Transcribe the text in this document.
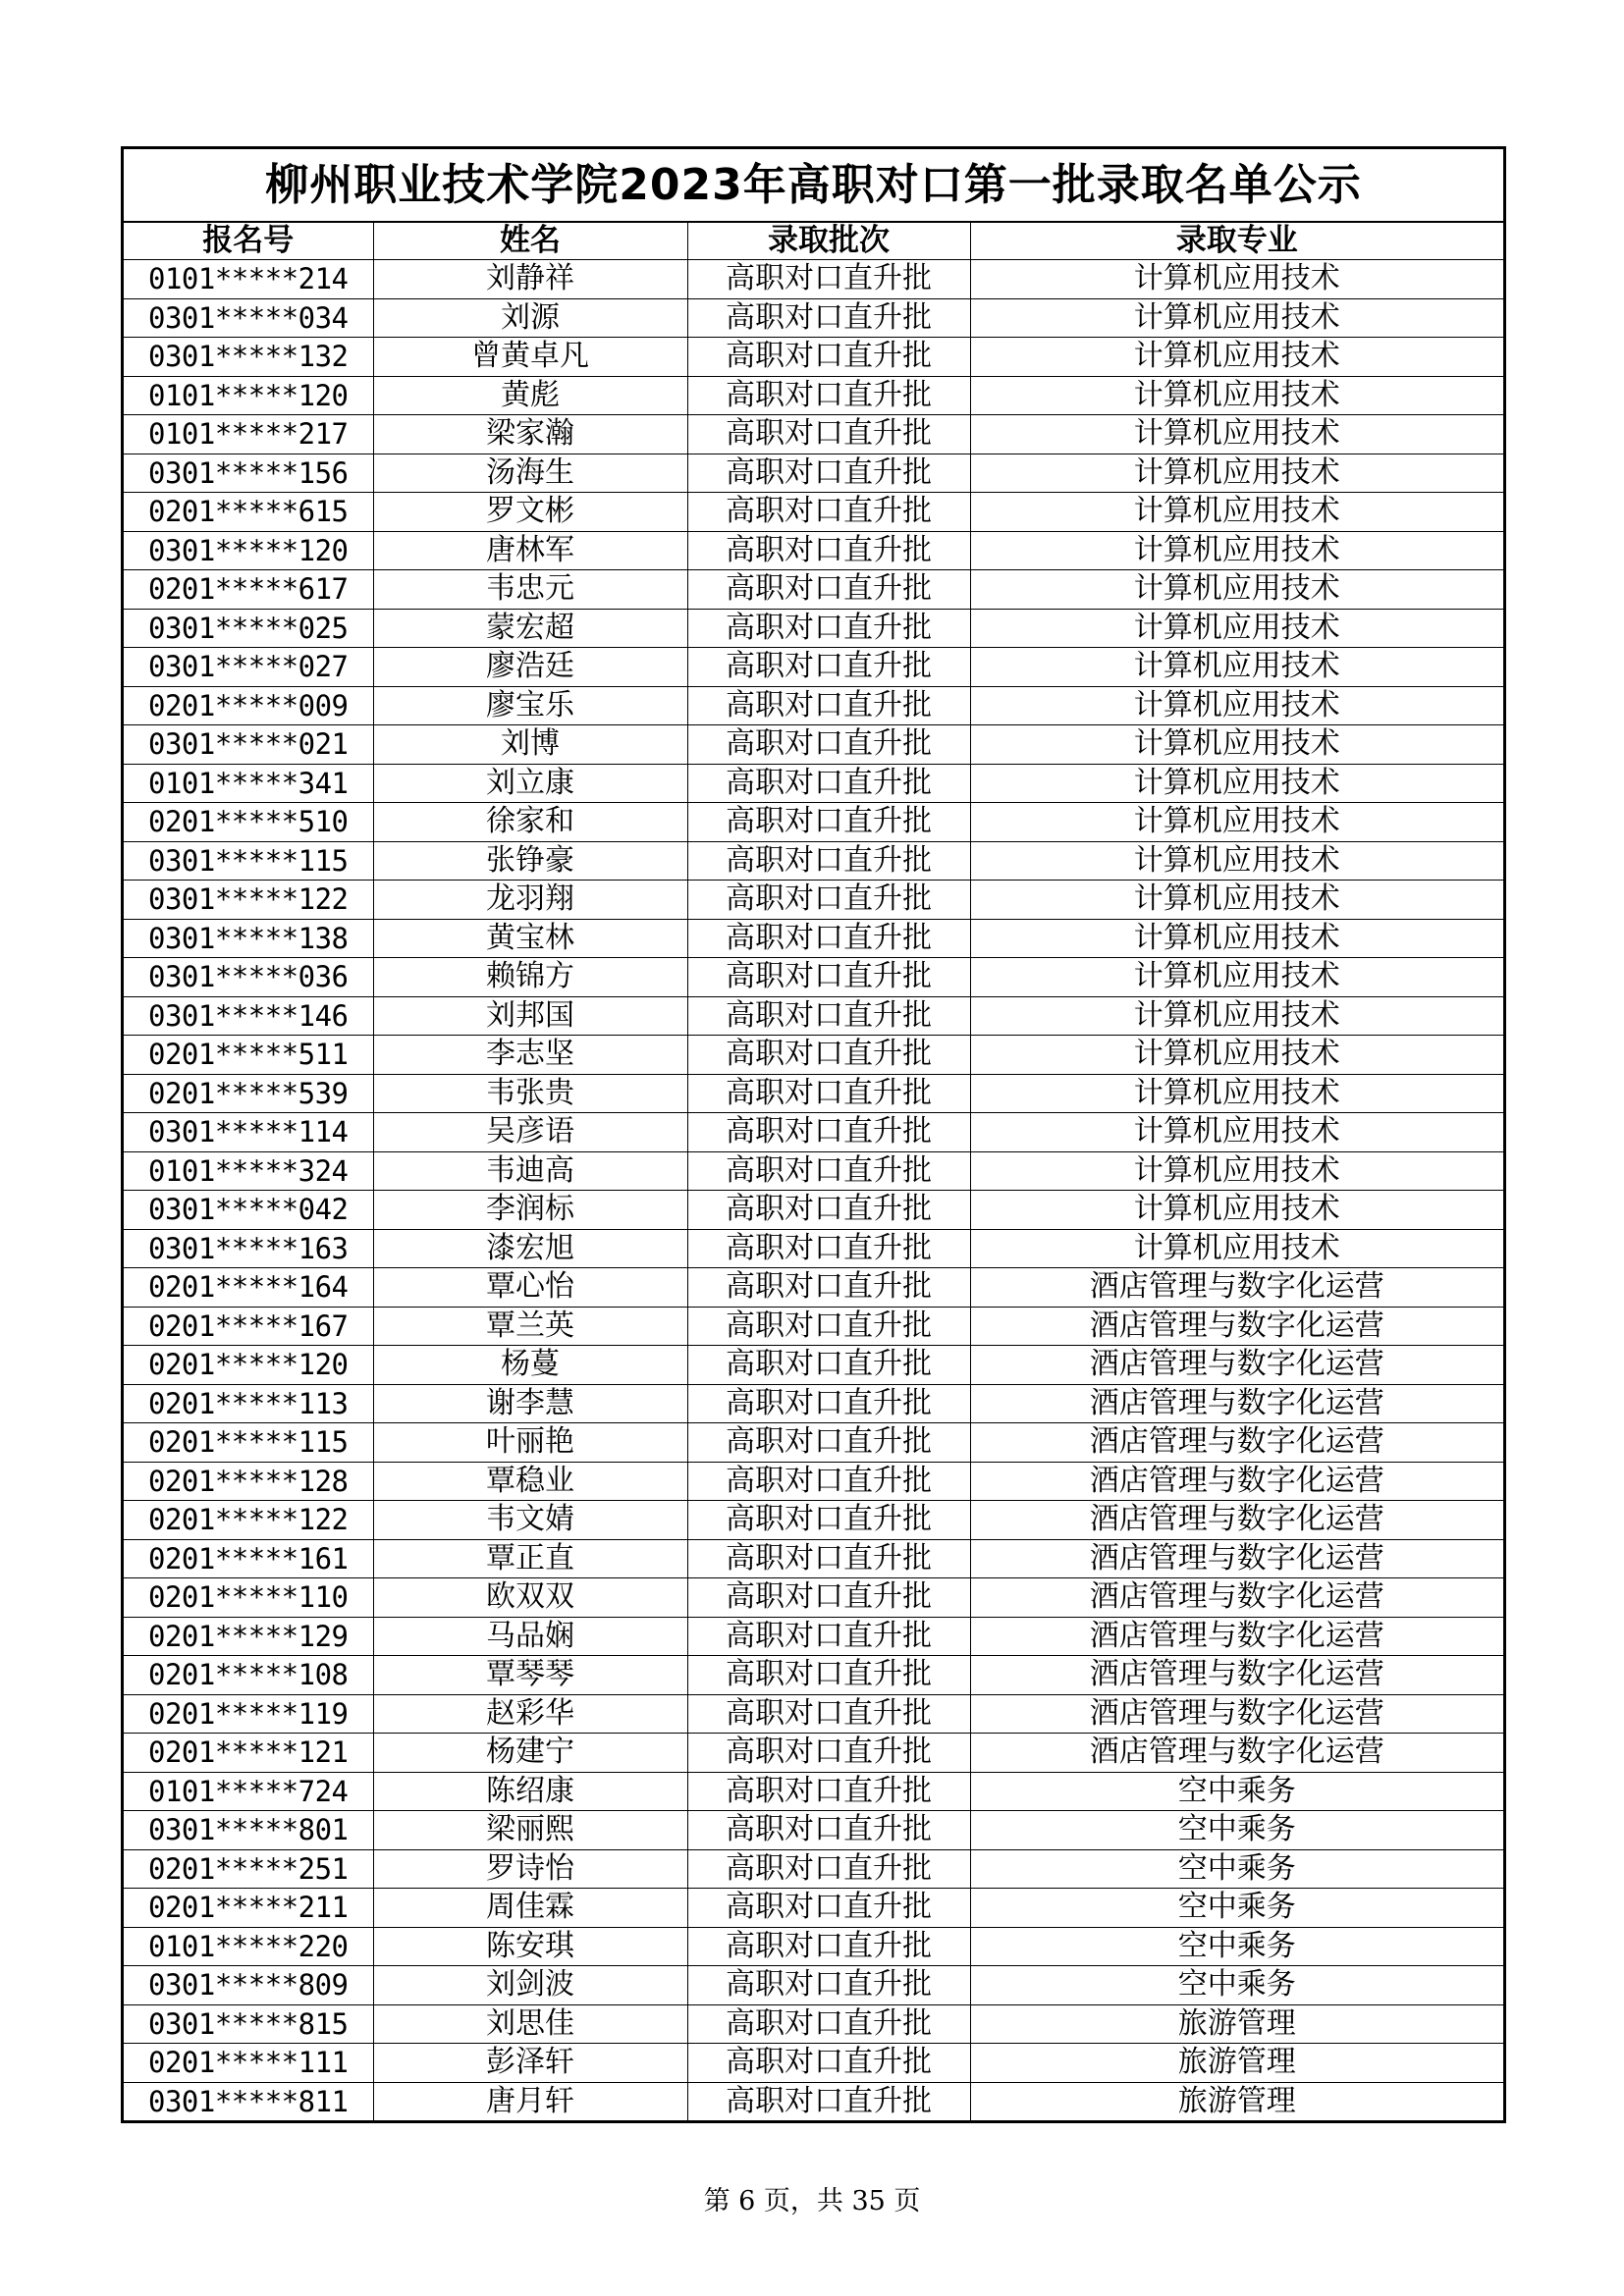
柳州职业技术学院2023年高职对口第一批录取名单公示
报名号	姓名	录取批次	录取专业
0101*****214	刘静祥	高职对口直升批	计算机应用技术
0301*****034	刘源	高职对口直升批	计算机应用技术
0301*****132	曾黄卓凡	高职对口直升批	计算机应用技术
0101*****120	黄彪	高职对口直升批	计算机应用技术
0101*****217	梁家瀚	高职对口直升批	计算机应用技术
0301*****156	汤海生	高职对口直升批	计算机应用技术
0201*****615	罗文彬	高职对口直升批	计算机应用技术
0301*****120	唐林军	高职对口直升批	计算机应用技术
0201*****617	韦忠元	高职对口直升批	计算机应用技术
0301*****025	蒙宏超	高职对口直升批	计算机应用技术
0301*****027	廖浩廷	高职对口直升批	计算机应用技术
0201*****009	廖宝乐	高职对口直升批	计算机应用技术
0301*****021	刘博	高职对口直升批	计算机应用技术
0101*****341	刘立康	高职对口直升批	计算机应用技术
0201*****510	徐家和	高职对口直升批	计算机应用技术
0301*****115	张铮豪	高职对口直升批	计算机应用技术
0301*****122	龙羽翔	高职对口直升批	计算机应用技术
0301*****138	黄宝林	高职对口直升批	计算机应用技术
0301*****036	赖锦方	高职对口直升批	计算机应用技术
0301*****146	刘邦国	高职对口直升批	计算机应用技术
0201*****511	李志坚	高职对口直升批	计算机应用技术
0201*****539	韦张贵	高职对口直升批	计算机应用技术
0301*****114	吴彦语	高职对口直升批	计算机应用技术
0101*****324	韦迪高	高职对口直升批	计算机应用技术
0301*****042	李润标	高职对口直升批	计算机应用技术
0301*****163	漆宏旭	高职对口直升批	计算机应用技术
0201*****164	覃心怡	高职对口直升批	酒店管理与数字化运营
0201*****167	覃兰英	高职对口直升批	酒店管理与数字化运营
0201*****120	杨蔓	高职对口直升批	酒店管理与数字化运营
0201*****113	谢李慧	高职对口直升批	酒店管理与数字化运营
0201*****115	叶丽艳	高职对口直升批	酒店管理与数字化运营
0201*****128	覃稳业	高职对口直升批	酒店管理与数字化运营
0201*****122	韦文婧	高职对口直升批	酒店管理与数字化运营
0201*****161	覃正直	高职对口直升批	酒店管理与数字化运营
0201*****110	欧双双	高职对口直升批	酒店管理与数字化运营
0201*****129	马品娴	高职对口直升批	酒店管理与数字化运营
0201*****108	覃琴琴	高职对口直升批	酒店管理与数字化运营
0201*****119	赵彩华	高职对口直升批	酒店管理与数字化运营
0201*****121	杨建宁	高职对口直升批	酒店管理与数字化运营
0101*****724	陈绍康	高职对口直升批	空中乘务
0301*****801	梁丽熙	高职对口直升批	空中乘务
0201*****251	罗诗怡	高职对口直升批	空中乘务
0201*****211	周佳霖	高职对口直升批	空中乘务
0101*****220	陈安琪	高职对口直升批	空中乘务
0301*****809	刘剑波	高职对口直升批	空中乘务
0301*****815	刘思佳	高职对口直升批	旅游管理
0201*****111	彭泽轩	高职对口直升批	旅游管理
0301*****811	唐月轩	高职对口直升批	旅游管理
第 6 页，共 35 页
